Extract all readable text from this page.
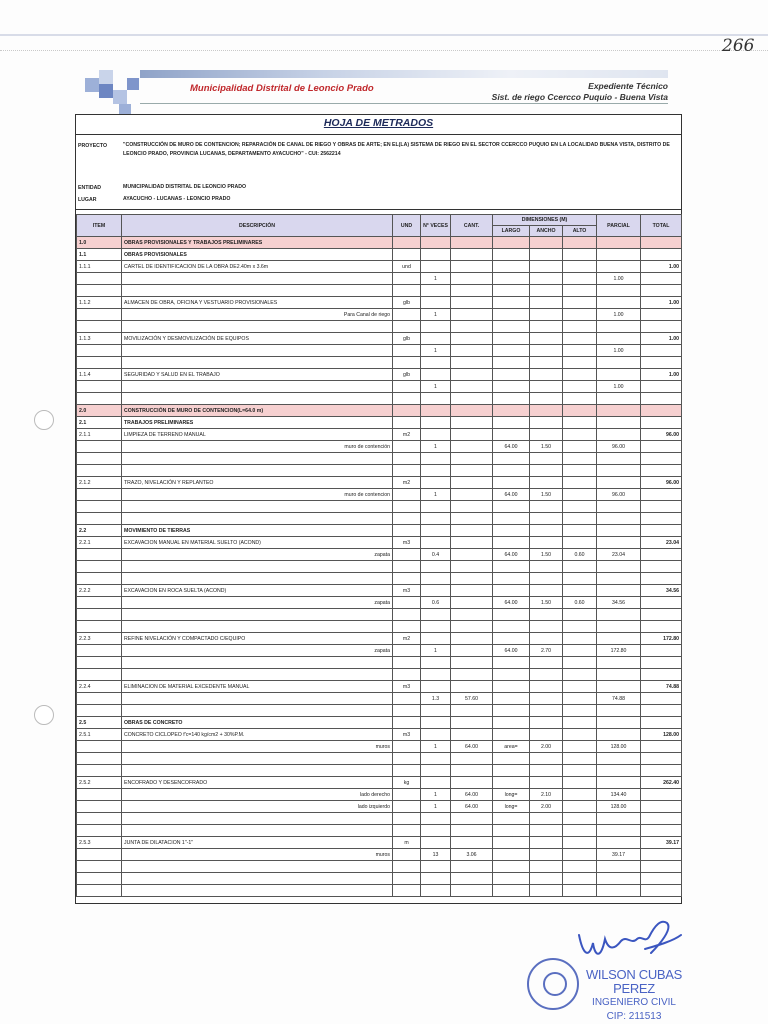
266
Municipalidad Distrital de Leoncio Prado	Expediente Técnico
Sist. de riego Ccercco Puquio - Buena Vista
HOJA DE METRADOS
PROYECTO	"CONSTRUCCIÓN DE MURO DE CONTENCION; REPARACIÓN DE CANAL DE RIEGO Y OBRAS DE ARTE; EN EL(LA) SISTEMA DE RIEGO EN EL SECTOR CCERCCO PUQUIO EN LA LOCALIDAD BUENA VISTA, DISTRITO DE LEONCIO PRADO, PROVINCIA LUCANAS, DEPARTAMENTO AYACUCHO" - CUI: 2562214
ENTIDAD	MUNICIPALIDAD DISTRITAL DE LEONCIO PRADO
LUGAR	AYACUCHO - LUCANAS - LEONCIO PRADO
ITEM	DESCRIPCIÓN	UND	N° VECES	CANT.	DIMENSIONES (M)			PARCIAL	TOTAL
					LARGO	ANCHO	ALTO		
1.0	OBRAS PROVISIONALES Y TRABAJOS PRELIMINARES								
1.1	OBRAS PROVISIONALES								
1.1.1	CARTEL DE IDENTIFICACION DE LA OBRA DE2.40m x 3.6m	und							1.00
			1					1.00	

1.1.2	ALMACEN DE OBRA, OFICINA Y VESTUARIO PROVISIONALES	glb							1.00
	Para Canal de riego		1					1.00	

1.1.3	MOVILIZACIÓN Y DESMOVILIZACIÓN DE EQUIPOS	glb							1.00
			1					1.00	

1.1.4	SEGURIDAD Y SALUD EN EL TRABAJO	glb							1.00
			1					1.00	

2.0	CONSTRUCCIÓN DE MURO DE CONTENCION(L=64.0 m)								
2.1	TRABAJOS PRELIMINARES								
2.1.1	LIMPIEZA DE TERRENO MANUAL	m2							96.00
	muro de contención		1		64.00	1.50		96.00	

2.1.2	TRAZO, NIVELACIÓN Y REPLANTEO	m2							96.00
	muro de contencion		1		64.00	1.50		96.00	

2.2	MOVIMIENTO DE TIERRAS								
2.2.1	EXCAVACION MANUAL EN MATERIAL SUELTO (ACOND)	m3							23.04
	zapata		0.4		64.00	1.50	0.60	23.04	

2.2.2	EXCAVACION EN ROCA SUELTA (ACOND)	m3							34.56
	zapata		0.6		64.00	1.50	0.60	34.56	

2.2.3	REFINE NIVELACIÓN Y COMPACTADO C/EQUIPO	m2							172.80
	zapata		1		64.00	2.70		172.80	

2.2.4	ELIMINACION DE MATERIAL EXCEDENTE MANUAL	m3							74.88
			1.3	57.60				74.88	

2.5	OBRAS DE CONCRETO								
2.5.1	CONCRETO CICLOPEO f'c=140 kg/cm2 + 30%P.M.	m3							128.00
	muros		1	64.00	area=	2.00		128.00	

2.5.2	ENCOFRADO Y DESENCOFRADO	kg							262.40
	lado derecho		1	64.00	long=	2.10		134.40	
	lado izquierdo		1	64.00	long=	2.00		128.00	

2.5.3	JUNTA DE DILATACION 1"-1"	m							39.17
	muros		13	3.06				39.17	

WILSON CUBAS PEREZ
INGENIERO CIVIL
CIP: 211513
